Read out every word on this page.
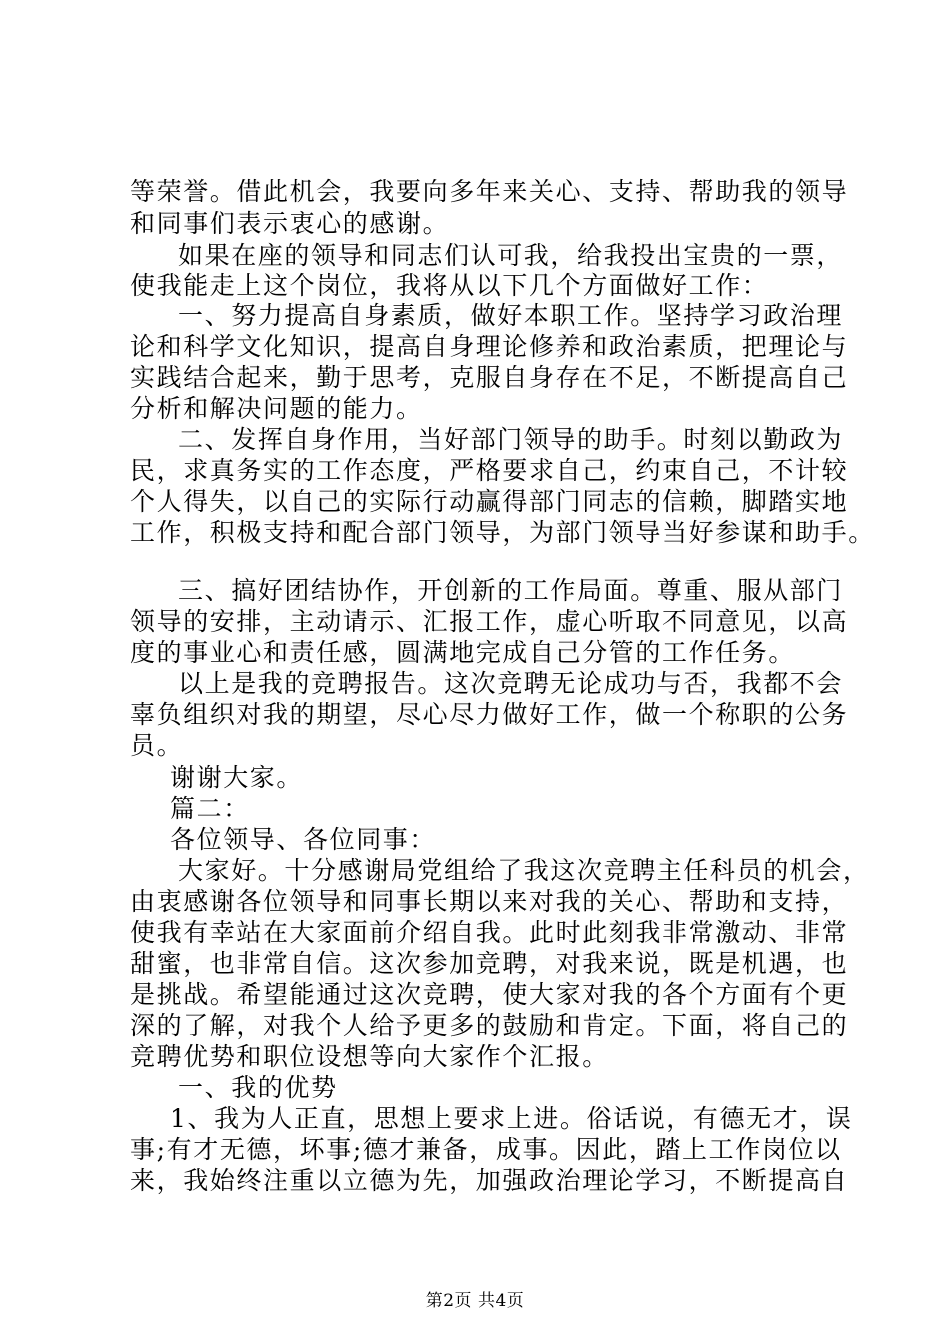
等荣誉。借此机会，我要向多年来关心、支持、帮助我的领导
和同事们表示衷心的感谢。
如果在座的领导和同志们认可我，给我投出宝贵的一票，
使我能走上这个岗位，我将从以下几个方面做好工作：
一、努力提高自身素质，做好本职工作。坚持学习政治理
论和科学文化知识，提高自身理论修养和政治素质，把理论与
实践结合起来，勤于思考，克服自身存在不足，不断提高自己
分析和解决问题的能力。
二、发挥自身作用，当好部门领导的助手。时刻以勤政为
民，求真务实的工作态度，严格要求自己，约束自己，不计较
个人得失，以自己的实际行动赢得部门同志的信赖，脚踏实地
工作，积极支持和配合部门领导，为部门领导当好参谋和助手。
三、搞好团结协作，开创新的工作局面。尊重、服从部门
领导的安排，主动请示、汇报工作，虚心听取不同意见，以高
度的事业心和责任感，圆满地完成自己分管的工作任务。
以上是我的竞聘报告。这次竞聘无论成功与否，我都不会
辜负组织对我的期望，尽心尽力做好工作，做一个称职的公务
员。
谢谢大家。
篇二：
各位领导、各位同事：
大家好。十分感谢局党组给了我这次竞聘主任科员的机会，
由衷感谢各位领导和同事长期以来对我的关心、帮助和支持，
使我有幸站在大家面前介绍自我。此时此刻我非常激动、非常
甜蜜，也非常自信。这次参加竞聘，对我来说，既是机遇，也
是挑战。希望能通过这次竞聘，使大家对我的各个方面有个更
深的了解，对我个人给予更多的鼓励和肯定。下面，将自己的
竞聘优势和职位设想等向大家作个汇报。
一、我的优势
1、我为人正直，思想上要求上进。俗话说，有德无才，误
事;有才无德，坏事;德才兼备，成事。因此，踏上工作岗位以
来，我始终注重以立德为先，加强政治理论学习，不断提高自
第2页 共4页
